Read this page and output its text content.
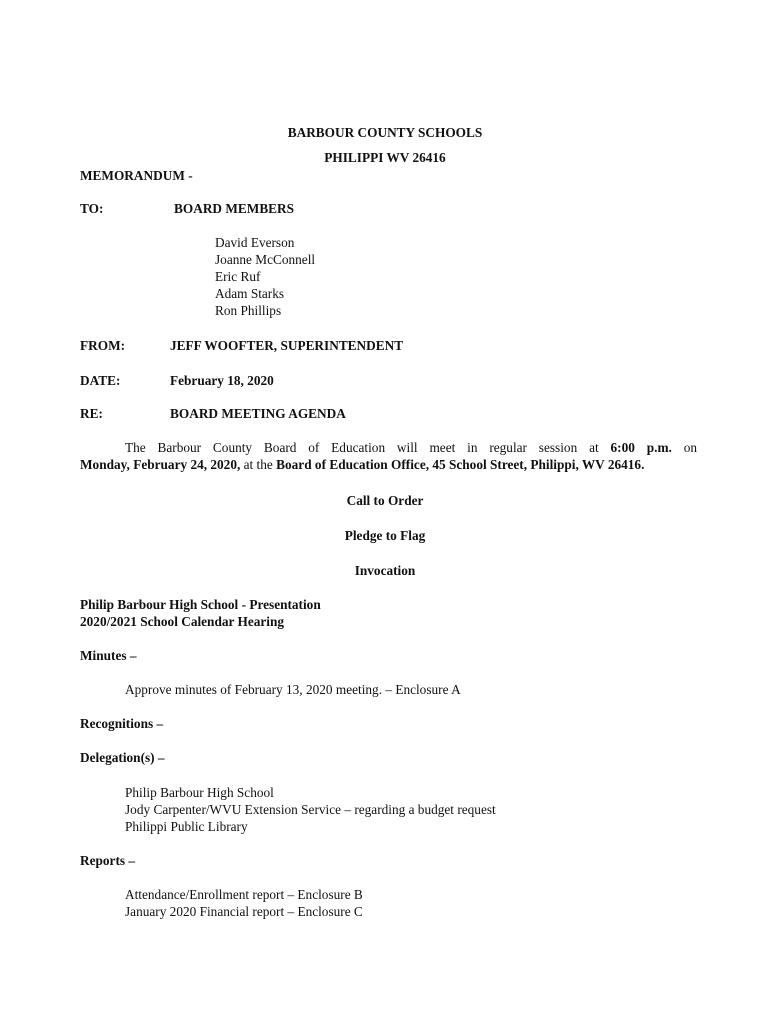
BARBOUR COUNTY SCHOOLS
PHILIPPI WV 26416
MEMORANDUM -
TO:	BOARD MEMBERS
David Everson
Joanne McConnell
Eric Ruf
Adam Starks
Ron Phillips
FROM:	JEFF WOOFTER, SUPERINTENDENT
DATE:	February 18, 2020
RE:	BOARD MEETING AGENDA
The Barbour County Board of Education will meet in regular session at 6:00 p.m. on
Monday, February 24, 2020, at the Board of Education Office, 45 School Street, Philippi, WV 26416.
Call to Order
Pledge to Flag
Invocation
Philip Barbour High School - Presentation
2020/2021 School Calendar Hearing
Minutes –
Approve minutes of February 13, 2020 meeting. – Enclosure A
Recognitions –
Delegation(s) –
Philip Barbour High School
Jody Carpenter/WVU Extension Service – regarding a budget request
Philippi Public Library
Reports –
Attendance/Enrollment report – Enclosure B
January 2020 Financial report – Enclosure C
